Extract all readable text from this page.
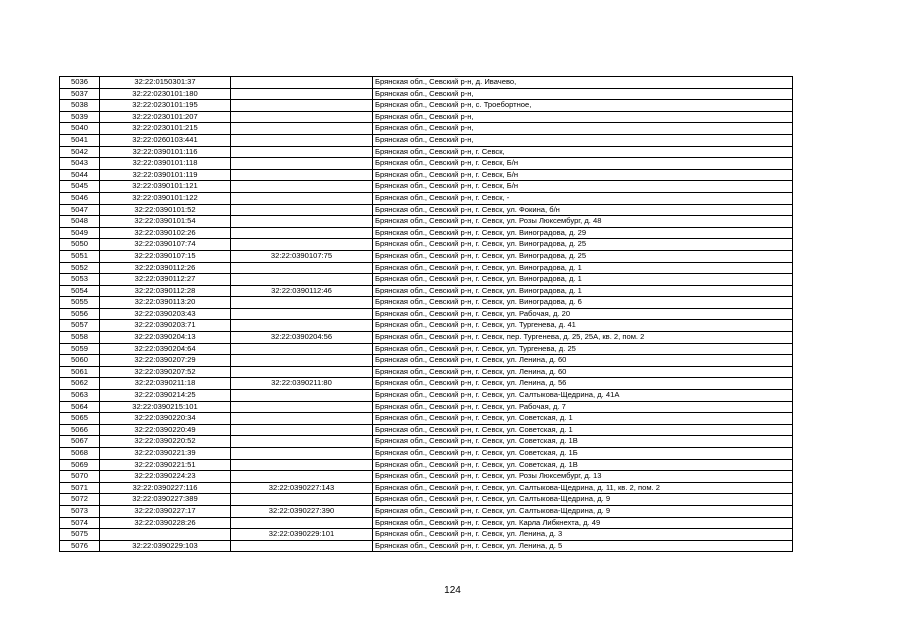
5036	32:22:0150301:37		Брянская обл., Севский р-н, д. Ивачево,
5037	32:22:0230101:180		Брянская обл., Севский р-н,
5038	32:22:0230101:195		Брянская обл., Севский р-н, с. Троебортное,
5039	32:22:0230101:207		Брянская обл., Севский р-н,
5040	32:22:0230101:215		Брянская обл., Севский р-н,
5041	32:22:0260103:441		Брянская обл., Севский р-н,
5042	32:22:0390101:116		Брянская обл., Севский р-н, г. Севск,
5043	32:22:0390101:118		Брянская обл., Севский р-н, г. Севск, Б/н
5044	32:22:0390101:119		Брянская обл., Севский р-н, г. Севск, Б/н
5045	32:22:0390101:121		Брянская обл., Севский р-н, г. Севск, Б/н
5046	32:22:0390101:122		Брянская обл., Севский р-н, г. Севск, -
5047	32:22:0390101:52		Брянская обл., Севский р-н, г. Севск, ул. Фокина, б/н
5048	32:22:0390101:54		Брянская обл., Севский р-н, г. Севск, ул. Розы Люксембург, д. 48
5049	32:22:0390102:26		Брянская обл., Севский р-н, г. Севск, ул. Виноградова, д. 29
5050	32:22:0390107:74		Брянская обл., Севский р-н, г. Севск, ул. Виноградова, д. 25
5051	32:22:0390107:15	32:22:0390107:75	Брянская обл., Севский р-н, г. Севск, ул. Виноградова, д. 25
5052	32:22:0390112:26		Брянская обл., Севский р-н, г. Севск, ул. Виноградова, д. 1
5053	32:22:0390112:27		Брянская обл., Севский р-н, г. Севск, ул. Виноградова, д. 1
5054	32:22:0390112:28	32:22:0390112:46	Брянская обл., Севский р-н, г. Севск, ул. Виноградова, д. 1
5055	32:22:0390113:20		Брянская обл., Севский р-н, г. Севск, ул. Виноградова, д. 6
5056	32:22:0390203:43		Брянская обл., Севский р-н, г. Севск, ул. Рабочая, д. 20
5057	32:22:0390203:71		Брянская обл., Севский р-н, г. Севск, ул. Тургенева, д. 41
5058	32:22:0390204:13	32:22:0390204:56	Брянская обл., Севский р-н, г. Севск, пер. Тургенева, д. 25, 25А, кв. 2, пом. 2
5059	32:22:0390204:64		Брянская обл., Севский р-н, г. Севск, ул. Тургенева, д. 25
5060	32:22:0390207:29		Брянская обл., Севский р-н, г. Севск, ул. Ленина, д. 60
5061	32:22:0390207:52		Брянская обл., Севский р-н, г. Севск, ул. Ленина, д. 60
5062	32:22:0390211:18	32:22:0390211:80	Брянская обл., Севский р-н, г. Севск, ул. Ленина, д. 56
5063	32:22:0390214:25		Брянская обл., Севский р-н, г. Севск, ул. Салтыкова-Щедрина, д. 41А
5064	32:22:0390215:101		Брянская обл., Севский р-н, г. Севск, ул. Рабочая, д. 7
5065	32:22:0390220:34		Брянская обл., Севский р-н, г. Севск, ул. Советская, д. 1
5066	32:22:0390220:49		Брянская обл., Севский р-н, г. Севск, ул. Советская, д. 1
5067	32:22:0390220:52		Брянская обл., Севский р-н, г. Севск, ул. Советская, д. 1В
5068	32:22:0390221:39		Брянская обл., Севский р-н, г. Севск, ул. Советская, д. 1Б
5069	32:22:0390221:51		Брянская обл., Севский р-н, г. Севск, ул. Советская, д. 1В
5070	32:22:0390224:23		Брянская обл., Севский р-н, г. Севск, ул. Розы Люксембург, д. 13
5071	32:22:0390227:116	32:22:0390227:143	Брянская обл., Севский р-н, г. Севск, ул. Салтыкова-Щедрина, д. 11, кв. 2, пом. 2
5072	32:22:0390227:389		Брянская обл., Севский р-н, г. Севск, ул. Салтыкова-Щедрина, д. 9
5073	32:22:0390227:17	32:22:0390227:390	Брянская обл., Севский р-н, г. Севск, ул. Салтыкова-Щедрина, д. 9
5074	32:22:0390228:26		Брянская обл., Севский р-н, г. Севск, ул. Карла Либкнехта, д. 49
5075		32:22:0390229:101	Брянская обл., Севский р-н, г. Севск, ул. Ленина, д. 3
5076	32:22:0390229:103		Брянская обл., Севский р-н, г. Севск, ул. Ленина, д. 5
124
